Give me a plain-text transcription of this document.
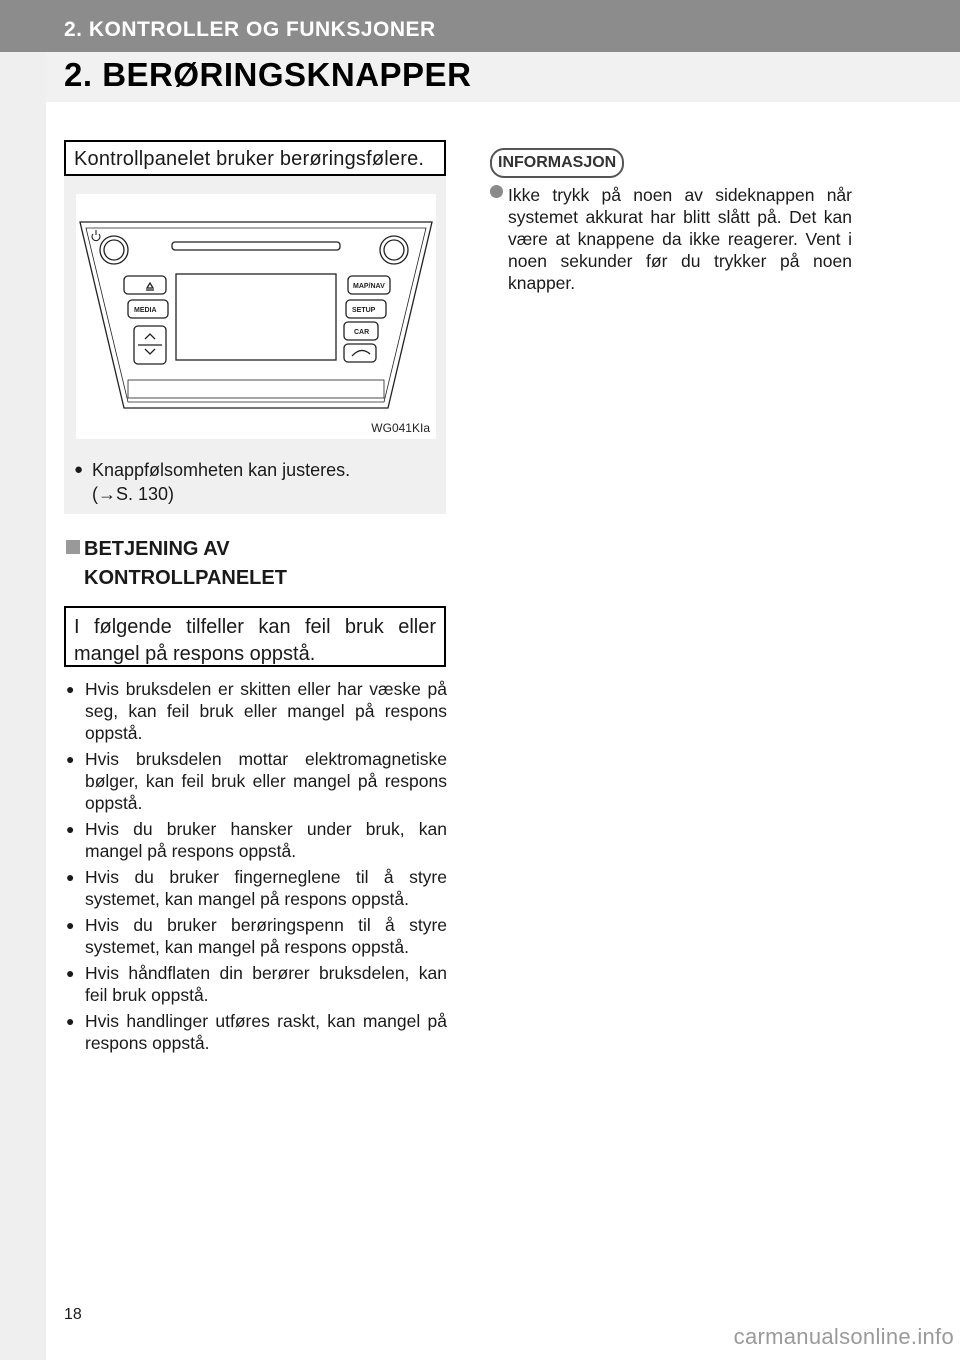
2. KONTROLLER OG FUNKSJONER
2. BERØRINGSKNAPPER
Kontrollpanelet bruker berøringsfølere.
MAP/NAV
SETUP
CAR
MEDIA
WG041KIa
● Knappfølsomheten kan justeres.
(→S. 130)
BETJENING AV
KONTROLLPANELET
I følgende tilfeller kan feil bruk eller
mangel på respons oppstå.
● Hvis bruksdelen er skitten eller har væske på seg, kan feil bruk eller mangel på respons oppstå.
● Hvis bruksdelen mottar elektromagnetiske bølger, kan feil bruk eller mangel på respons oppstå.
● Hvis du bruker hansker under bruk, kan mangel på respons oppstå.
● Hvis du bruker fingerneglene til å styre systemet, kan mangel på respons oppstå.
● Hvis du bruker berøringspenn til å styre systemet, kan mangel på respons oppstå.
● Hvis håndflaten din berører bruksdelen, kan feil bruk oppstå.
● Hvis handlinger utføres raskt, kan mangel på respons oppstå.
INFORMASJON
Ikke trykk på noen av sideknappen når systemet akkurat har blitt slått på. Det kan være at knappene da ikke reagerer. Vent i noen sekunder før du trykker på noen knapper.
18
carmanualsonline.info
